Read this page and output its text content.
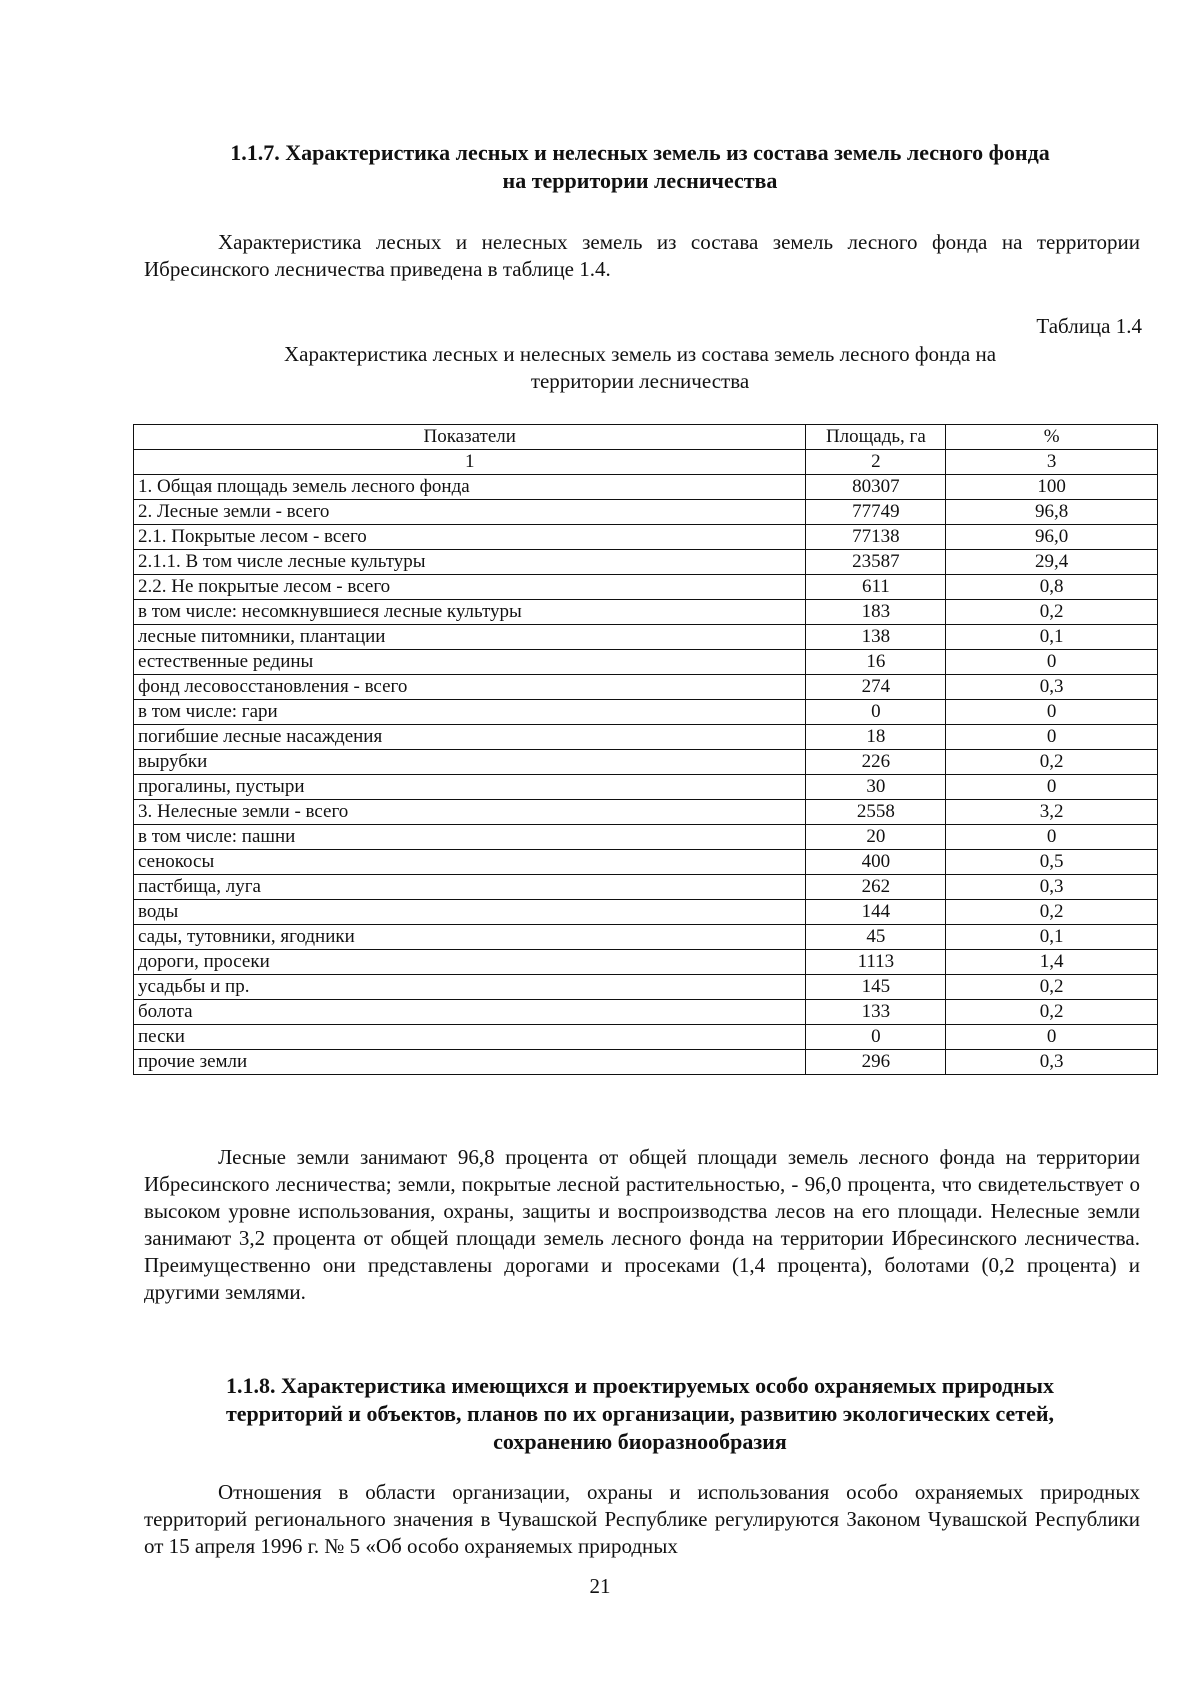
1.1.7. Характеристика лесных и нелесных земель из состава земель лесного фонда
на территории лесничества

Характеристика лесных и нелесных земель из состава земель лесного фонда на территории Ибресинского лесничества приведена в таблице 1.4.

Таблица 1.4
Характеристика лесных и нелесных земель из состава земель лесного фонда на
территории лесничества
Показатели	Площадь, га	%
1	2	3
1. Общая площадь земель лесного фонда	80307	100
2. Лесные земли - всего	77749	96,8
2.1. Покрытые лесом - всего	77138	96,0
2.1.1. В том числе лесные культуры	23587	29,4
2.2. Не покрытые лесом - всего	611	0,8
в том числе: несомкнувшиеся лесные культуры	183	0,2
лесные питомники, плантации	138	0,1
естественные редины	16	0
фонд лесовосстановления - всего	274	0,3
в том числе: гари	0	0
погибшие лесные насаждения	18	0
вырубки	226	0,2
прогалины, пустыри	30	0
3. Нелесные земли - всего	2558	3,2
в том числе: пашни	20	0
сенокосы	400	0,5
пастбища, луга	262	0,3
воды	144	0,2
сады, тутовники, ягодники	45	0,1
дороги, просеки	1113	1,4
усадьбы и пр.	145	0,2
болота	133	0,2
пески	0	0
прочие земли	296	0,3

Лесные земли занимают 96,8 процента от общей площади земель лесного фонда на территории Ибресинского лесничества; земли, покрытые лесной растительностью, - 96,0 процента, что свидетельствует о высоком уровне использования, охраны, защиты и воспроизводства лесов на его площади. Нелесные земли занимают 3,2 процента от общей площади земель лесного фонда на территории Ибресинского лесничества. Преимущественно они представлены дорогами и просеками (1,4 процента), болотами (0,2 процента) и другими землями.

1.1.8. Характеристика имеющихся и проектируемых особо охраняемых природных
территорий и объектов, планов по их организации, развитию экологических сетей,
сохранению биоразнообразия

Отношения в области организации, охраны и использования особо охраняемых природных территорий регионального значения в Чувашской Республике регулируются Законом Чувашской Республики от 15 апреля 1996 г. № 5 «Об особо охраняемых природных

21
